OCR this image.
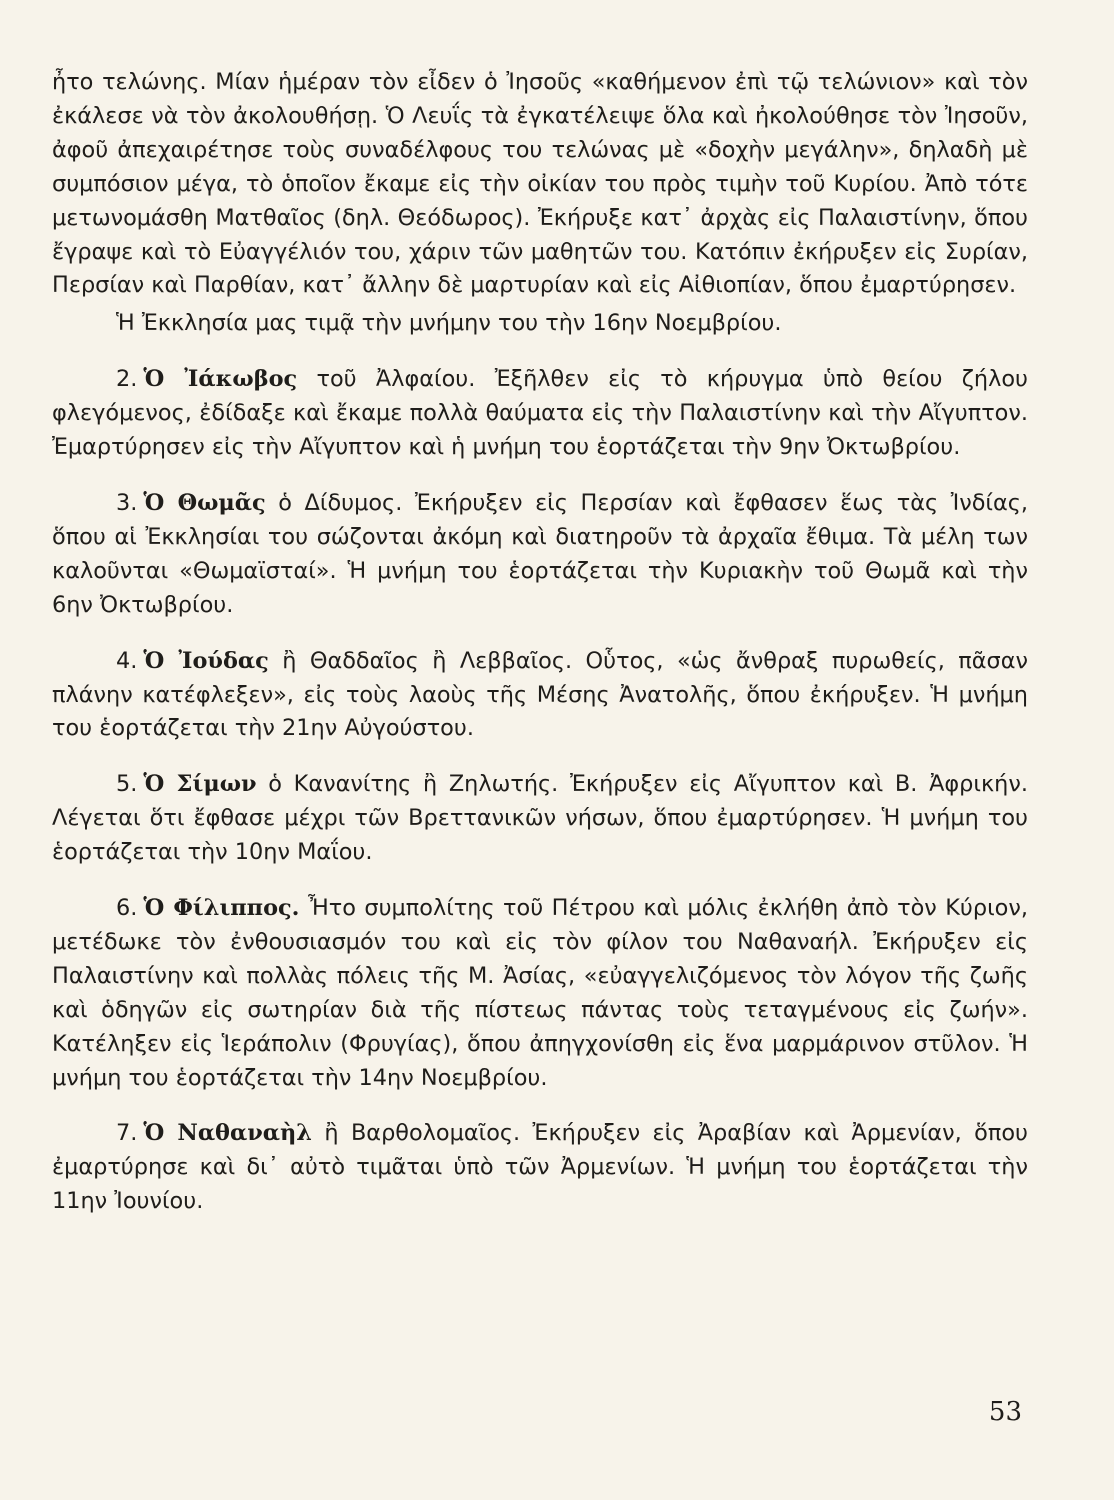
ἦτο τελώνης. Μίαν ἡμέραν τὸν εἶδεν ὁ Ἰησοῦς «καθήμενον ἐπὶ τῷ τελώνιον» καὶ τὸν ἐκάλεσε νὰ τὸν ἀκολουθήσῃ. Ὁ Λευΐς τὰ ἐγκατέλειψε ὅλα καὶ ἠκολούθησε τὸν Ἰησοῦν, ἀφοῦ ἀπεχαιρέτησε τοὺς συναδέλφους του τελώνας μὲ «δοχὴν μεγάλην», δηλαδὴ μὲ συμπόσιον μέγα, τὸ ὁποῖον ἔκαμε εἰς τὴν οἰκίαν του πρὸς τιμὴν τοῦ Κυρίου. Ἀπὸ τότε μετωνομάσθη Ματθαῖος (δηλ. Θεόδωρος). Ἐκήρυξε κατ᾽ ἀρχὰς εἰς Παλαιστίνην, ὅπου ἔγραψε καὶ τὸ Εὐαγγέλιόν του, χάριν τῶν μαθητῶν του. Κατόπιν ἐκήρυξεν εἰς Συρίαν, Περσίαν καὶ Παρθίαν, κατ᾽ ἄλλην δὲ μαρτυρίαν καὶ εἰς Αἰθιοπίαν, ὅπου ἐμαρτύρησεν.

Ἡ Ἐκκλησία μας τιμᾷ τὴν μνήμην του τὴν 16ην Νοεμβρίου.

2. Ὁ Ἰάκωβος τοῦ Ἀλφαίου. Ἐξῆλθεν εἰς τὸ κήρυγμα ὑπὸ θείου ζήλου φλεγόμενος, ἐδίδαξε καὶ ἔκαμε πολλὰ θαύματα εἰς τὴν Παλαιστίνην καὶ τὴν Αἴγυπτον. Ἐμαρτύρησεν εἰς τὴν Αἴγυπτον καὶ ἡ μνήμη του ἑορτάζεται τὴν 9ην Ὀκτωβρίου.

3. Ὁ Θωμᾶς ὁ Δίδυμος. Ἐκήρυξεν εἰς Περσίαν καὶ ἔφθασεν ἕως τὰς Ἰνδίας, ὅπου αἱ Ἐκκλησίαι του σώζονται ἀκόμη καὶ διατηροῦν τὰ ἀρχαῖα ἔθιμα. Τὰ μέλη των καλοῦνται «Θωμαϊσταί». Ἡ μνήμη του ἑορτάζεται τὴν Κυριακὴν τοῦ Θωμᾶ καὶ τὴν 6ην Ὀκτωβρίου.

4. Ὁ Ἰούδας ἢ Θαδδαῖος ἢ Λεββαῖος. Οὗτος, «ὡς ἄνθραξ πυρωθείς, πᾶσαν πλάνην κατέφλεξεν», εἰς τοὺς λαοὺς τῆς Μέσης Ἀνατολῆς, ὅπου ἐκήρυξεν. Ἡ μνήμη του ἑορτάζεται τὴν 21ην Αὐγούστου.

5. Ὁ Σίμων ὁ Κανανίτης ἢ Ζηλωτής. Ἐκήρυξεν εἰς Αἴγυπτον καὶ Β. Ἀφρικήν. Λέγεται ὅτι ἔφθασε μέχρι τῶν Βρεττανικῶν νήσων, ὅπου ἐμαρτύρησεν. Ἡ μνήμη του ἑορτάζεται τὴν 10ην Μαΐου.

6. Ὁ Φίλιππος. Ἦτο συμπολίτης τοῦ Πέτρου καὶ μόλις ἐκλήθη ἀπὸ τὸν Κύριον, μετέδωκε τὸν ἐνθουσιασμόν του καὶ εἰς τὸν φίλον του Ναθαναήλ. Ἐκήρυξεν εἰς Παλαιστίνην καὶ πολλὰς πόλεις τῆς Μ. Ἀσίας, «εὐαγγελιζόμενος τὸν λόγον τῆς ζωῆς καὶ ὁδηγῶν εἰς σωτηρίαν διὰ τῆς πίστεως πάντας τοὺς τεταγμένους εἰς ζωήν». Κατέληξεν εἰς Ἱεράπολιν (Φρυγίας), ὅπου ἀπηγχονίσθη εἰς ἕνα μαρμάρινον στῦλον. Ἡ μνήμη του ἑορτάζεται τὴν 14ην Νοεμβρίου.

7. Ὁ Ναθαναὴλ ἢ Βαρθολομαῖος. Ἐκήρυξεν εἰς Ἀραβίαν καὶ Ἀρμενίαν, ὅπου ἐμαρτύρησε καὶ δι᾽ αὐτὸ τιμᾶται ὑπὸ τῶν Ἀρμενίων. Ἡ μνήμη του ἑορτάζεται τὴν 11ην Ἰουνίου.

53
